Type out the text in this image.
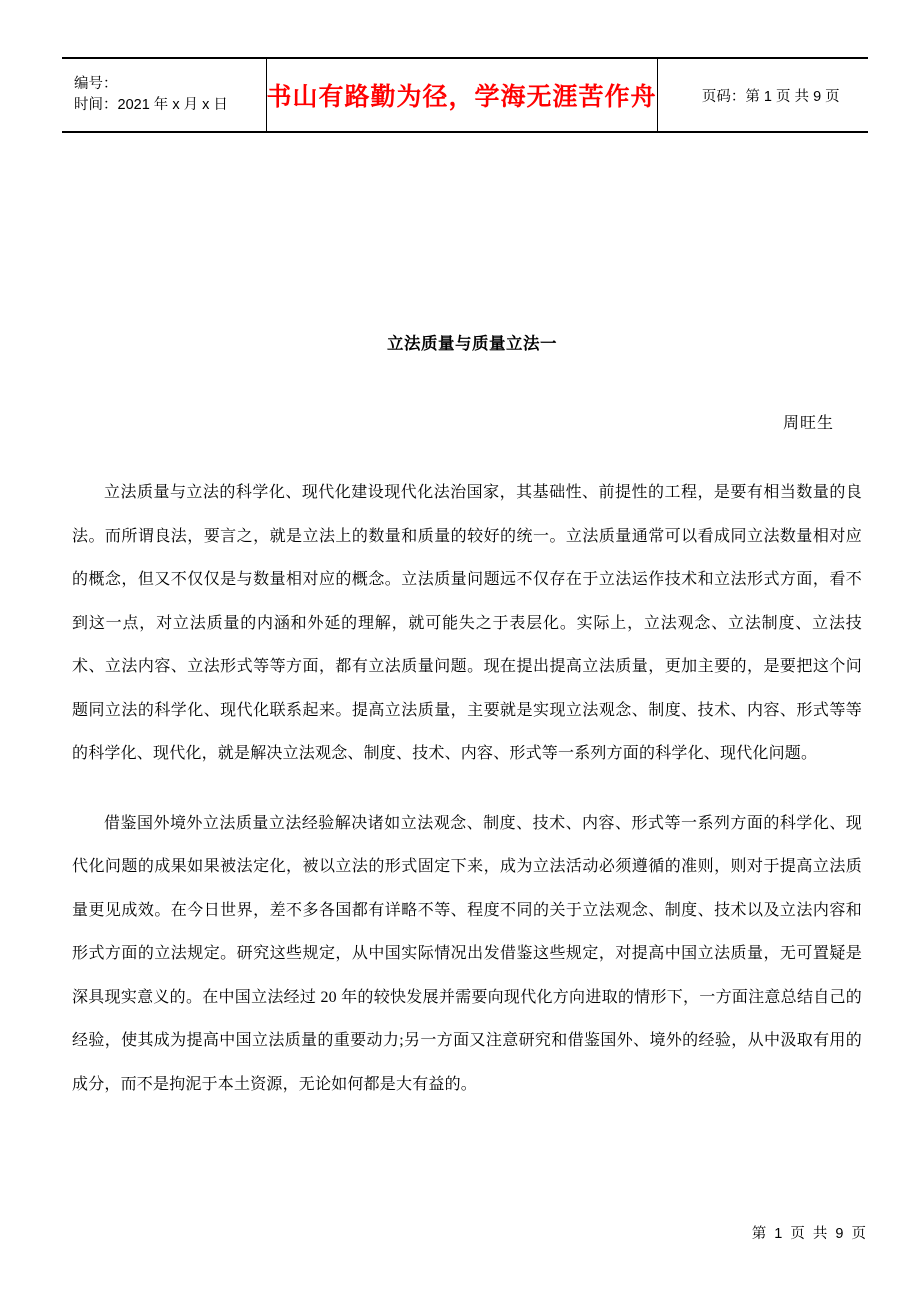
编号：
时间：2021 年 x 月 x 日	书山有路勤为径，学海无涯苦作舟	页码：第 1 页 共 9 页
立法质量与质量立法一
周旺生

立法质量与立法的科学化、现代化建设现代化法治国家，其基础性、前提性的工程，是要有相当数量的良法。而所谓良法，要言之，就是立法上的数量和质量的较好的统一。立法质量通常可以看成同立法数量相对应的概念，但又不仅仅是与数量相对应的概念。立法质量问题远不仅存在于立法运作技术和立法形式方面，看不到这一点，对立法质量的内涵和外延的理解，就可能失之于表层化。实际上，立法观念、立法制度、立法技术、立法内容、立法形式等等方面，都有立法质量问题。现在提出提高立法质量，更加主要的，是要把这个问题同立法的科学化、现代化联系起来。提高立法质量，主要就是实现立法观念、制度、技术、内容、形式等等的科学化、现代化，就是解决立法观念、制度、技术、内容、形式等一系列方面的科学化、现代化问题。

借鉴国外境外立法质量立法经验解决诸如立法观念、制度、技术、内容、形式等一系列方面的科学化、现代化问题的成果如果被法定化，被以立法的形式固定下来，成为立法活动必须遵循的准则，则对于提高立法质量更见成效。在今日世界，差不多各国都有详略不等、程度不同的关于立法观念、制度、技术以及立法内容和形式方面的立法规定。研究这些规定，从中国实际情况出发借鉴这些规定，对提高中国立法质量，无可置疑是深具现实意义的。在中国立法经过 20 年的较快发展并需要向现代化方向进取的情形下，一方面注意总结自己的经验，使其成为提高中国立法质量的重要动力;另一方面又注意研究和借鉴国外、境外的经验，从中汲取有用的成分，而不是拘泥于本土资源，无论如何都是大有益的。

第 1 页 共 9 页
